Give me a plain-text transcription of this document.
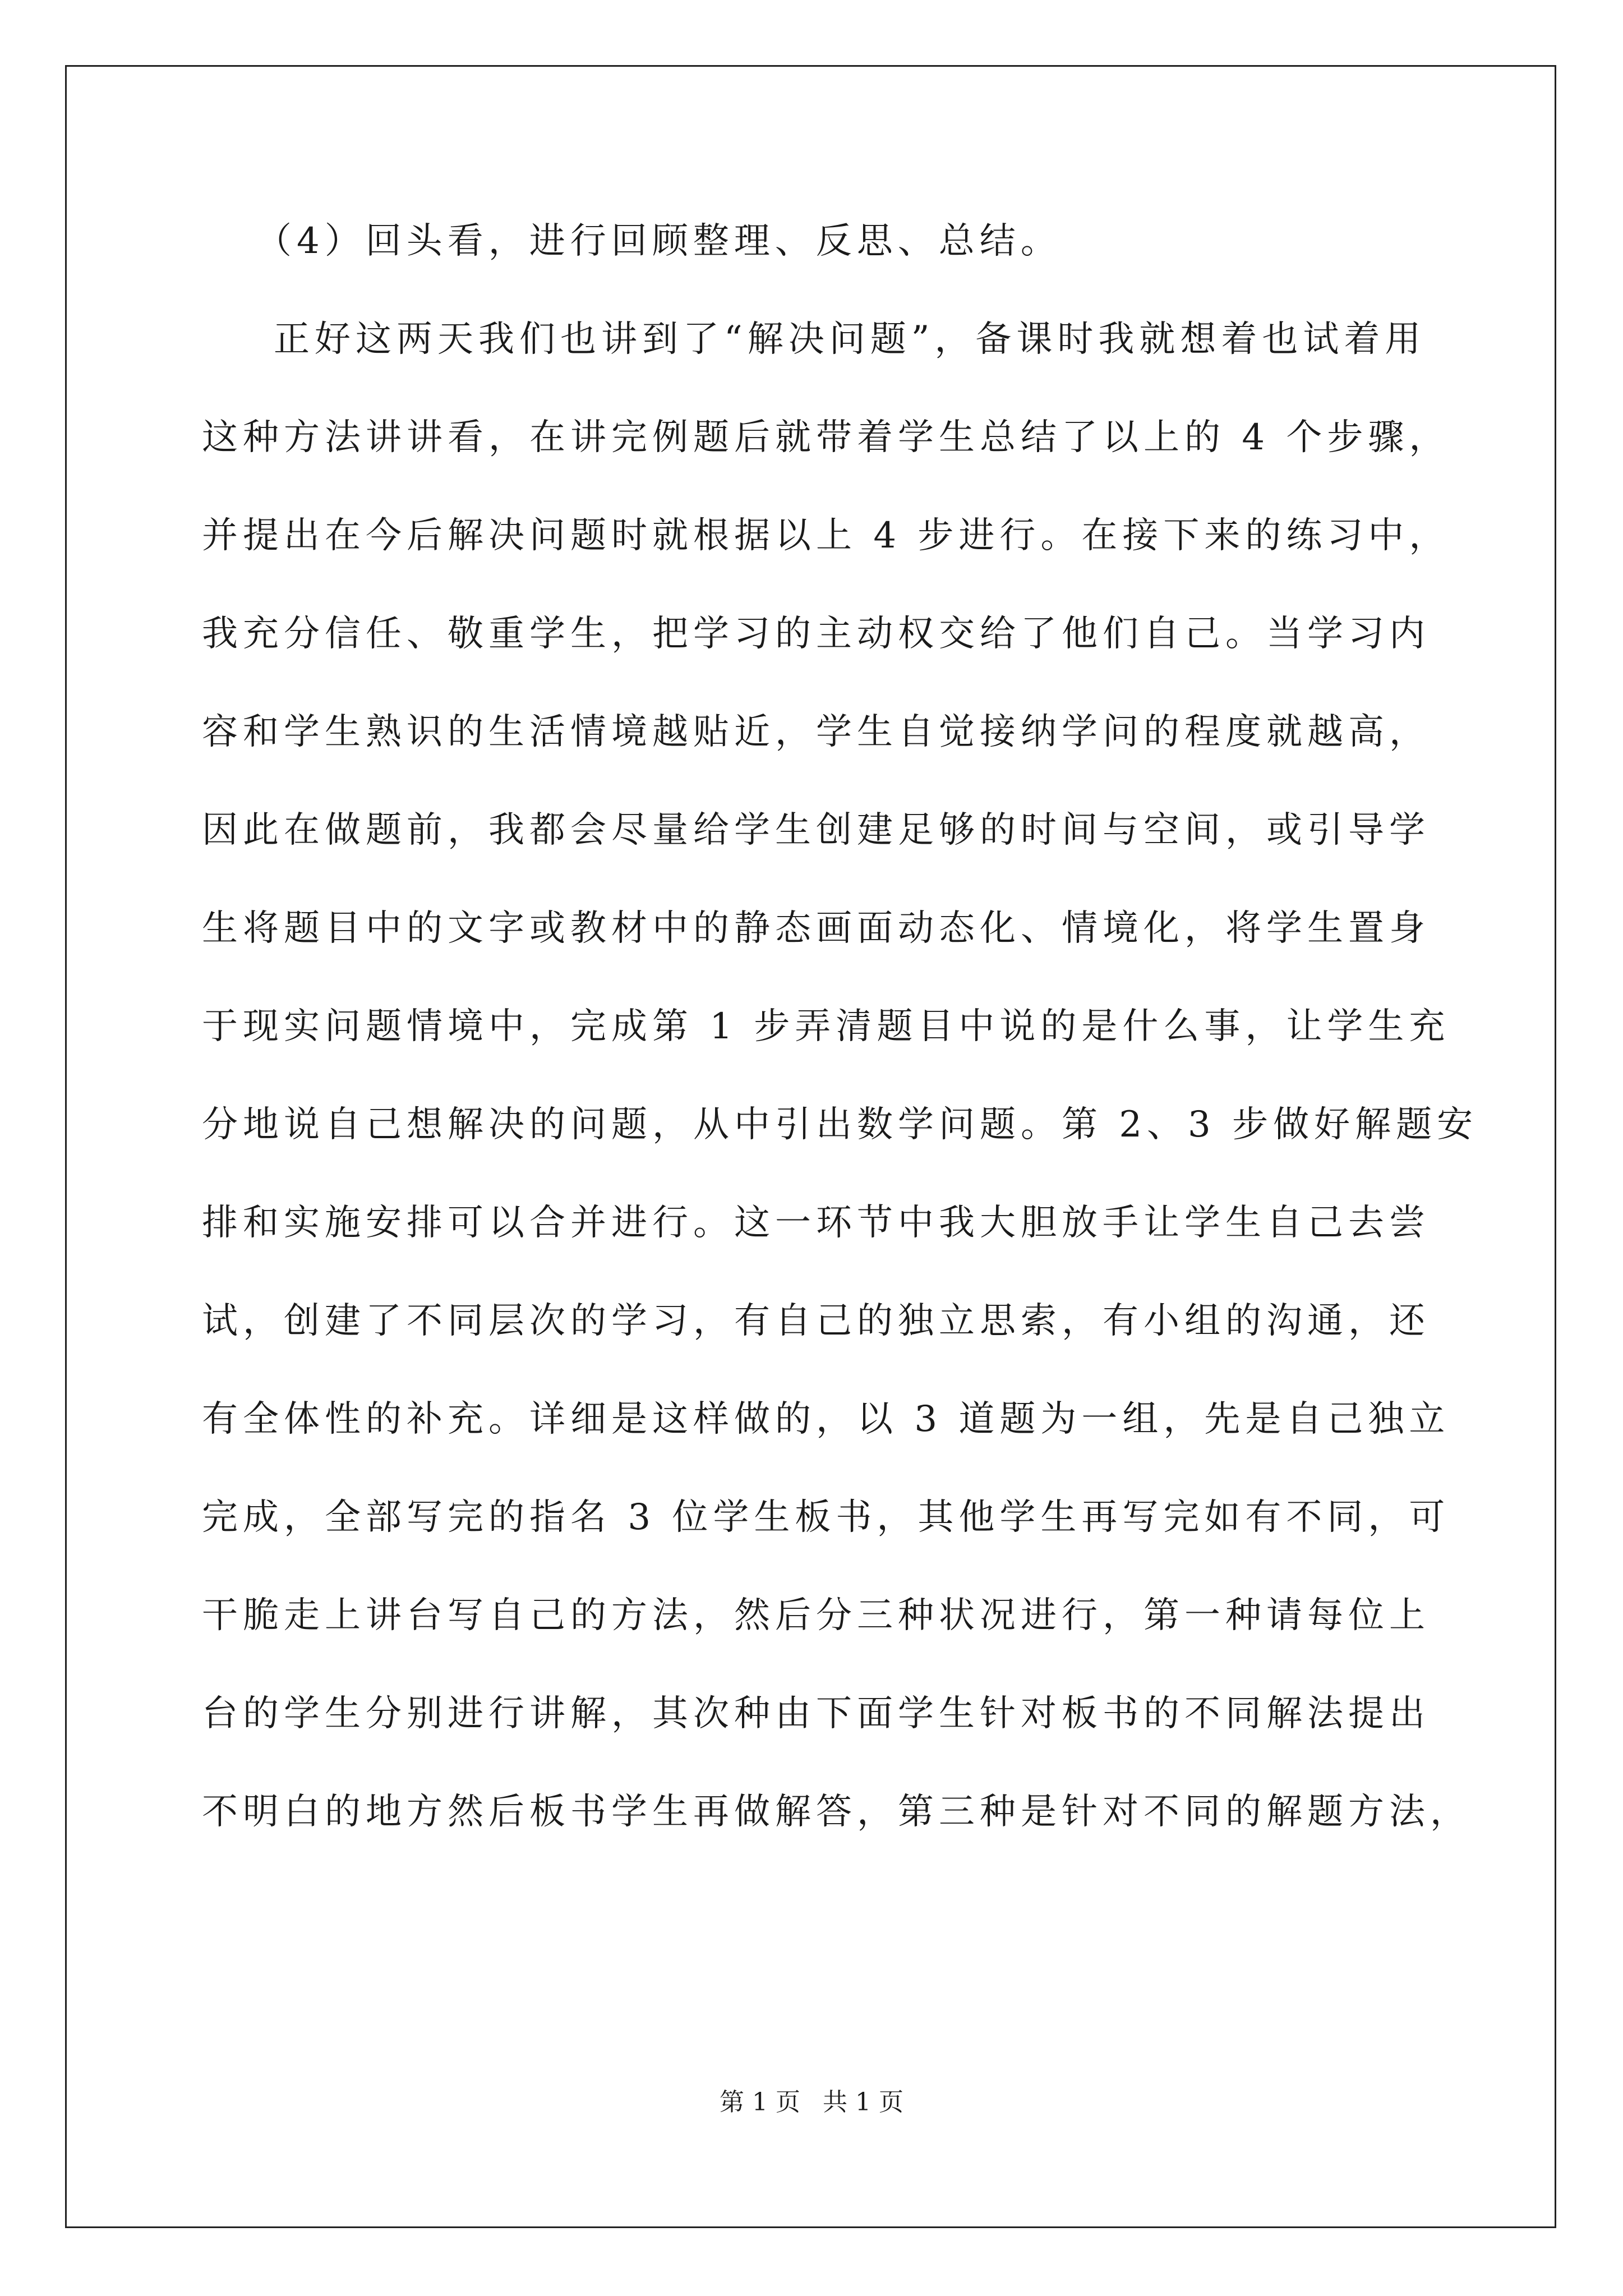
（4）回头看，进行回顾整理、反思、总结。
正好这两天我们也讲到了“解决问题”，备课时我就想着也试着用
这种方法讲讲看，在讲完例题后就带着学生总结了以上的 4 个步骤，
并提出在今后解决问题时就根据以上 4 步进行。在接下来的练习中，
我充分信任、敬重学生，把学习的主动权交给了他们自己。当学习内
容和学生熟识的生活情境越贴近，学生自觉接纳学问的程度就越高，
因此在做题前，我都会尽量给学生创建足够的时间与空间，或引导学
生将题目中的文字或教材中的静态画面动态化、情境化，将学生置身
于现实问题情境中，完成第 1 步弄清题目中说的是什么事，让学生充
分地说自己想解决的问题，从中引出数学问题。第 2、3 步做好解题安
排和实施安排可以合并进行。这一环节中我大胆放手让学生自己去尝
试，创建了不同层次的学习，有自己的独立思索，有小组的沟通，还
有全体性的补充。详细是这样做的，以 3 道题为一组，先是自己独立
完成，全部写完的指名 3 位学生板书，其他学生再写完如有不同，可
干脆走上讲台写自己的方法，然后分三种状况进行，第一种请每位上
台的学生分别进行讲解，其次种由下面学生针对板书的不同解法提出
不明白的地方然后板书学生再做解答，第三种是针对不同的解题方法，
第 1 页 共 1 页
